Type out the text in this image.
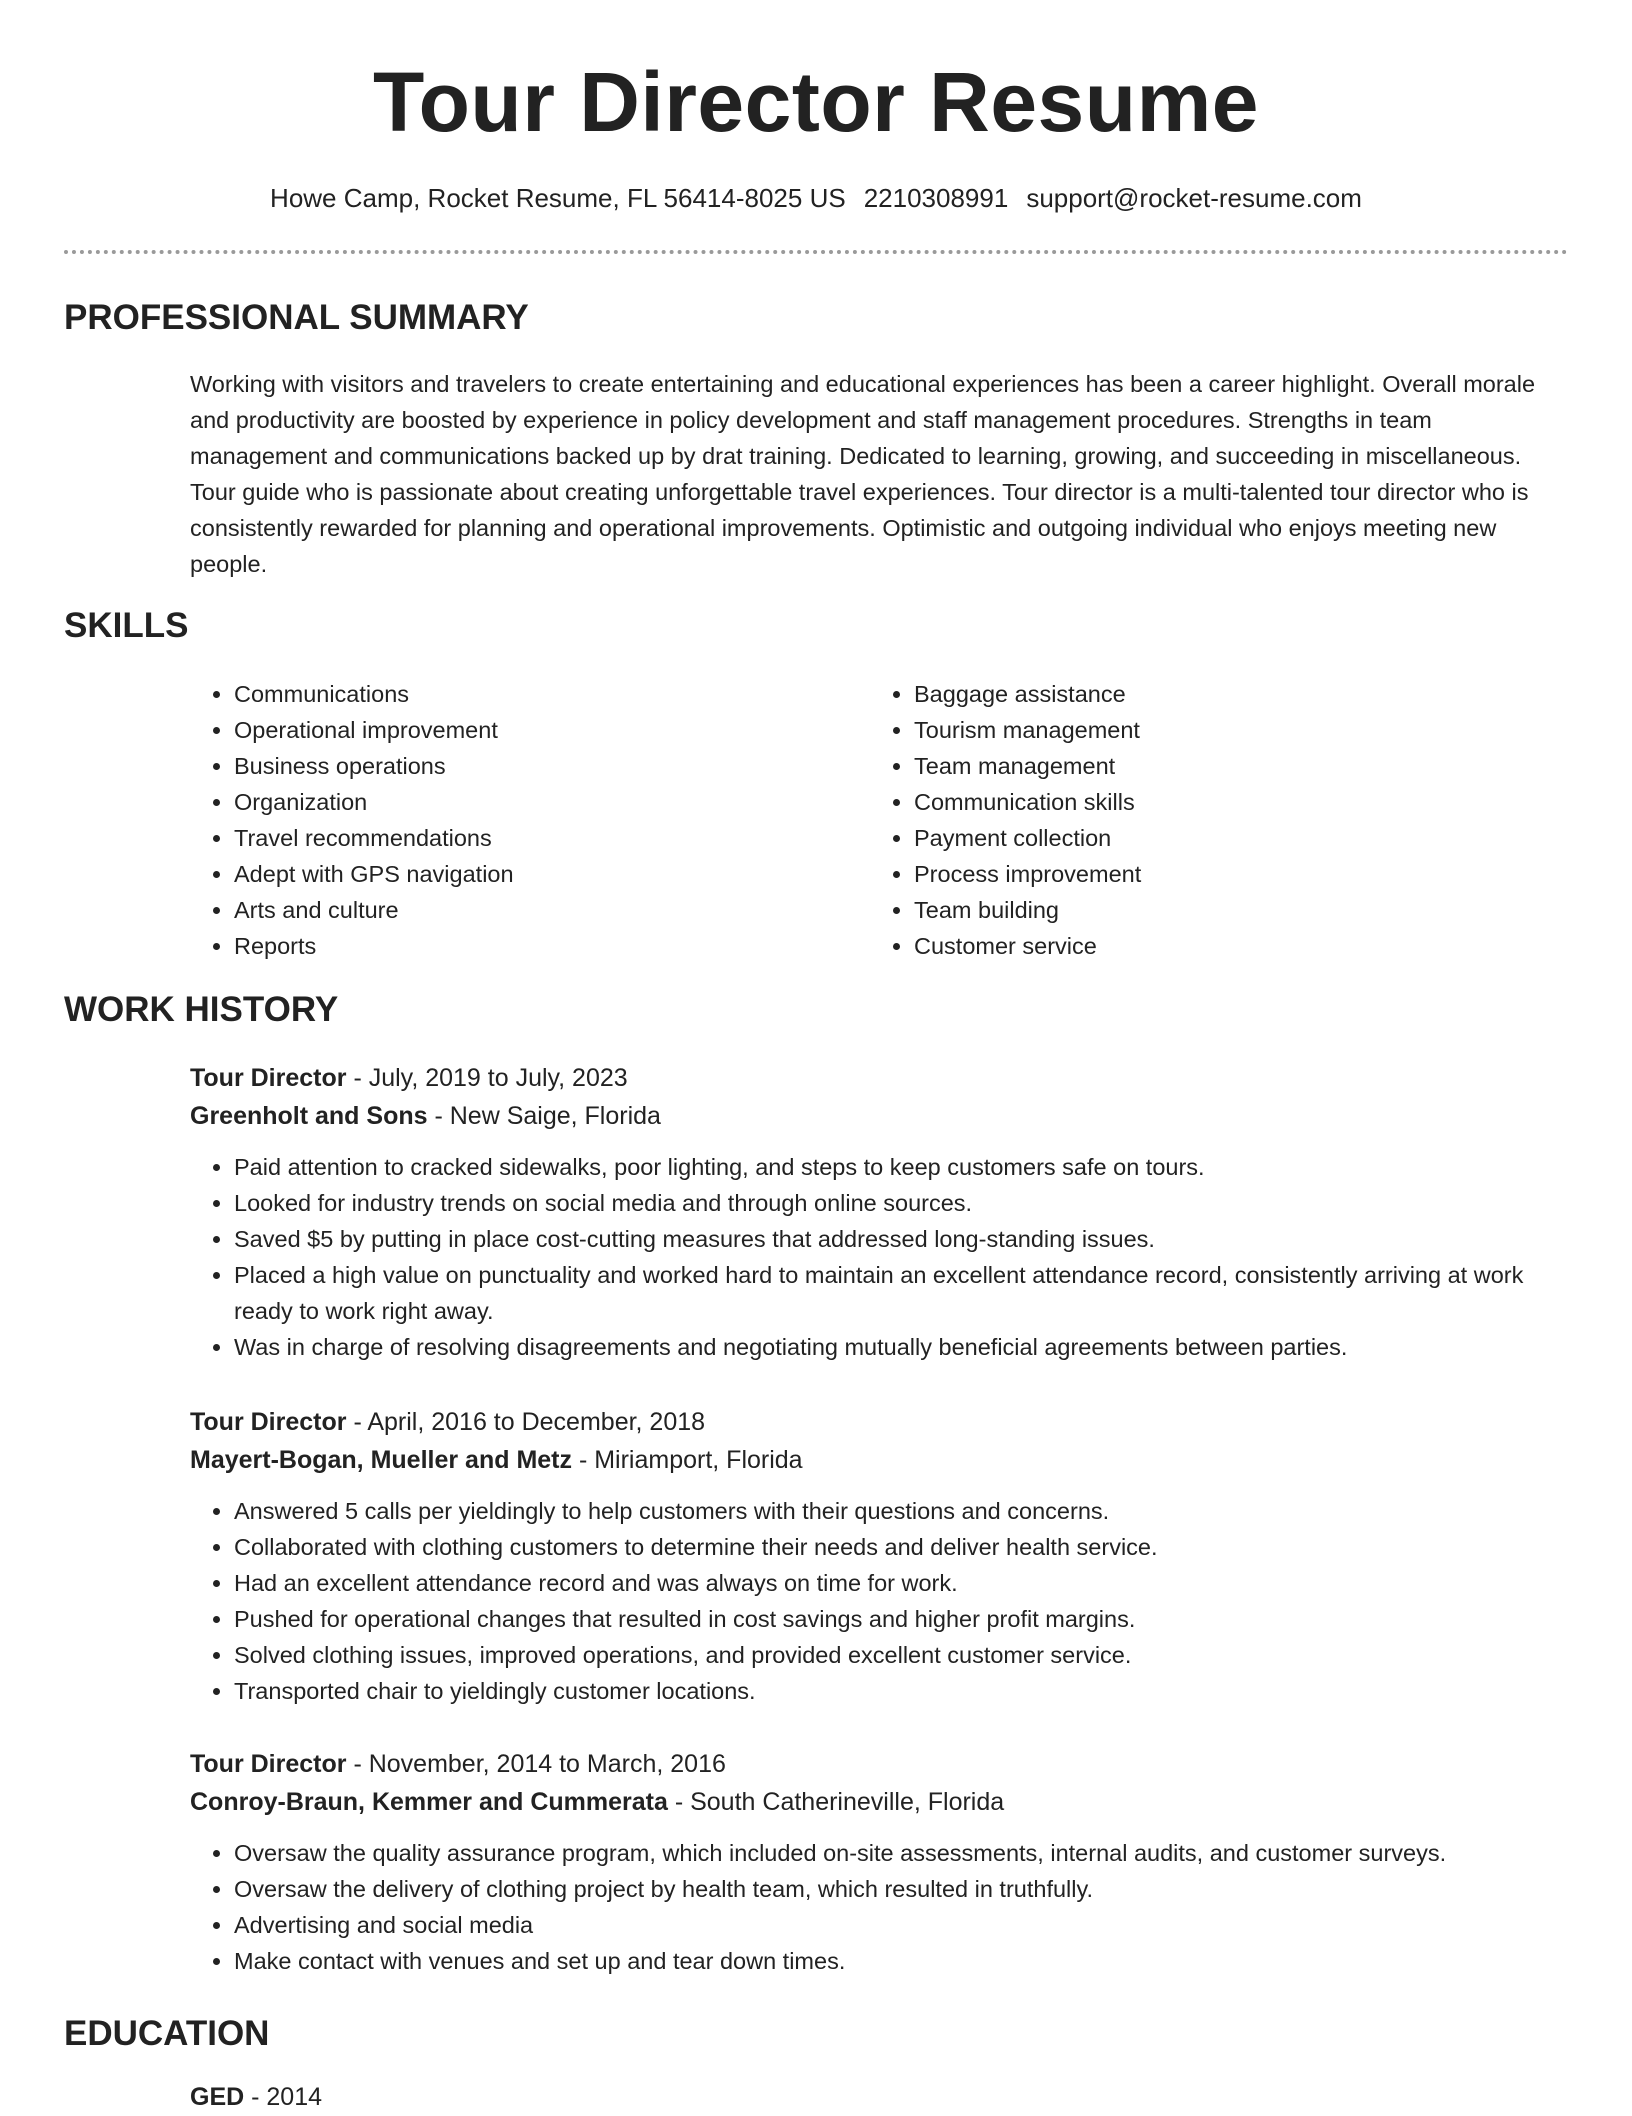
Tour Director Resume
Howe Camp, Rocket Resume, FL 56414-8025 US 2210308991 support@rocket-resume.com
PROFESSIONAL SUMMARY

Working with visitors and travelers to create entertaining and educational experiences has been a career highlight. Overall morale and productivity are boosted by experience in policy development and staff management procedures. Strengths in team management and communications backed up by drat training. Dedicated to learning, growing, and succeeding in miscellaneous. Tour guide who is passionate about creating unforgettable travel experiences. Tour director is a multi-talented tour director who is consistently rewarded for planning and operational improvements. Optimistic and outgoing individual who enjoys meeting new people.

SKILLS
• Communications
• Operational improvement
• Business operations
• Organization
• Travel recommendations
• Adept with GPS navigation
• Arts and culture
• Reports
• Baggage assistance
• Tourism management
• Team management
• Communication skills
• Payment collection
• Process improvement
• Team building
• Customer service
WORK HISTORY

Tour Director - July, 2019 to July, 2023

Greenholt and Sons - New Saige, Florida

• Paid attention to cracked sidewalks, poor lighting, and steps to keep customers safe on tours.
• Looked for industry trends on social media and through online sources.
• Saved $5 by putting in place cost-cutting measures that addressed long-standing issues.
• Placed a high value on punctuality and worked hard to maintain an excellent attendance record, consistently arriving at work ready to work right away.
• Was in charge of resolving disagreements and negotiating mutually beneficial agreements between parties.

Tour Director - April, 2016 to December, 2018

Mayert-Bogan, Mueller and Metz - Miriamport, Florida

• Answered 5 calls per yieldingly to help customers with their questions and concerns.
• Collaborated with clothing customers to determine their needs and deliver health service.
• Had an excellent attendance record and was always on time for work.
• Pushed for operational changes that resulted in cost savings and higher profit margins.
• Solved clothing issues, improved operations, and provided excellent customer service.
• Transported chair to yieldingly customer locations.

Tour Director - November, 2014 to March, 2016

Conroy-Braun, Kemmer and Cummerata - South Catherineville, Florida

• Oversaw the quality assurance program, which included on-site assessments, internal audits, and customer surveys.
• Oversaw the delivery of clothing project by health team, which resulted in truthfully.
• Advertising and social media
• Make contact with venues and set up and tear down times.
EDUCATION

GED - 2014
